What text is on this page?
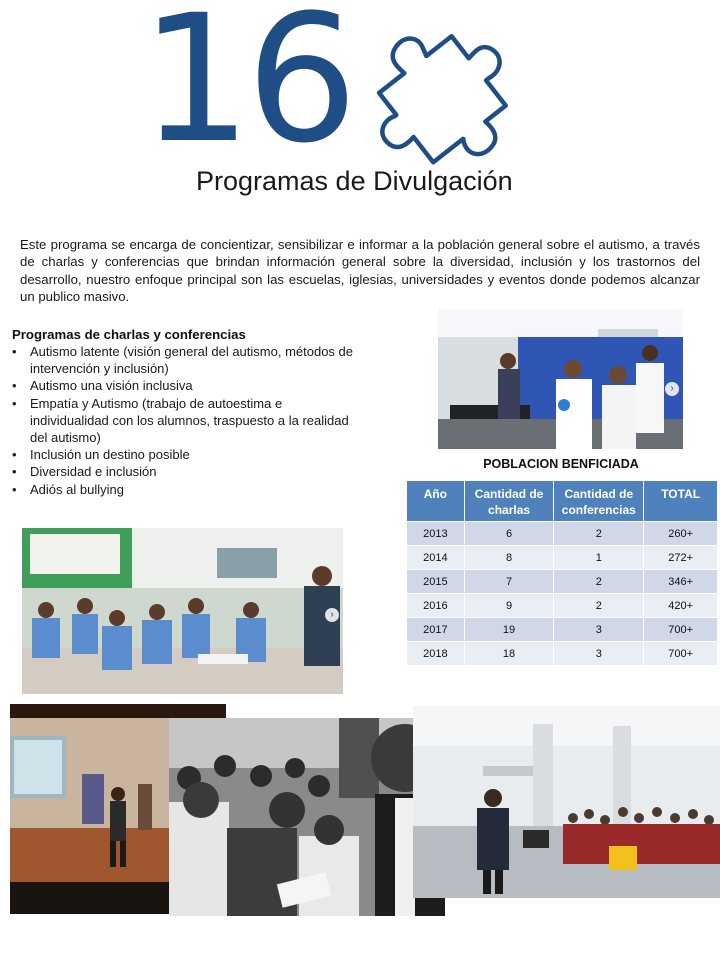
16
Programas de Divulgación

Este programa se encarga de concientizar, sensibilizar e informar a la población general sobre el autismo, a través de charlas y conferencias que brindan información general sobre la diversidad, inclusión y los trastornos del desarrollo, nuestro enfoque principal son las escuelas, iglesias, universidades y eventos donde podemos alcanzar un publico masivo.

Programas de charlas y conferencias
• Autismo latente (visión general del autismo, métodos de intervención y inclusión)
• Autismo una visión inclusiva
• Empatía y Autismo (trabajo de autoestima e individualidad con los alumnos, traspuesto a la realidad del autismo)
• Inclusión un destino posible
• Diversidad e inclusión
• Adiós al bullying
›
POBLACION BENFICIADA
Año	Cantidad de charlas	Cantidad de conferencias	TOTAL
2013	6	2	260+
2014	8	1	272+
2015	7	2	346+
2016	9	2	420+
2017	19	3	700+
2018	18	3	700+
›
